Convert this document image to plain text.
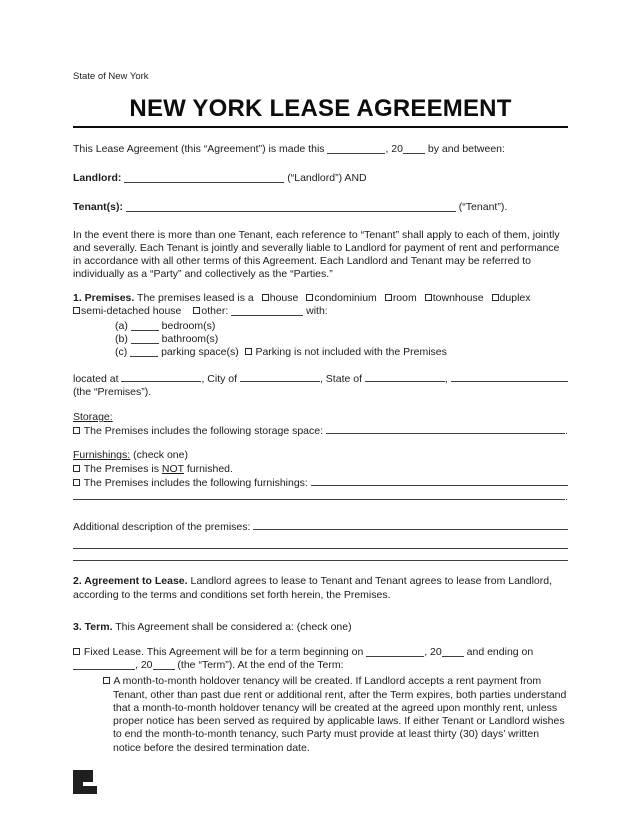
State of New York
NEW YORK LEASE AGREEMENT
This Lease Agreement (this “Agreement”) is made this	, 20 by and between:
Landlord:	(“Landlord”) AND
Tenant(s):	(“Tenant”).
In the event there is more than one Tenant, each reference to “Tenant” shall apply to each of them, jointly and severally. Each Tenant is jointly and severally liable to Landlord for payment of rent and performance in accordance with all other terms of this Agreement. Each Landlord and Tenant may be referred to individually as a “Party” and collectively as the “Parties.”
1. Premises. The premises leased is a house condominium room townhouse duplex
semi-detached house other:	with:
(a)	bedroom(s)
(b)	bathroom(s)
(c)	parking space(s)   Parking is not included with the Premises
located at	, City of	, State of	,
(the “Premises”).
Storage:
The Premises includes the following storage space:	.
Furnishings: (check one)
The Premises is NOT furnished.
The Premises includes the following furnishings:
.
Additional description of the premises:
2. Agreement to Lease. Landlord agrees to lease to Tenant and Tenant agrees to lease from Landlord, according to the terms and conditions set forth herein, the Premises.
3. Term. This Agreement shall be considered a: (check one)
Fixed Lease. This Agreement will be for a term beginning on	, 20 and ending on
, 20 (the “Term”). At the end of the Term:
A month-to-month holdover tenancy will be created. If Landlord accepts a rent payment from Tenant, other than past due rent or additional rent, after the Term expires, both parties understand that a month-to-month holdover tenancy will be created at the agreed upon monthly rent, unless proper notice has been served as required by applicable laws. If either Tenant or Landlord wishes to end the month-to-month tenancy, such Party must provide at least thirty (30) days’ written notice before the desired termination date.
